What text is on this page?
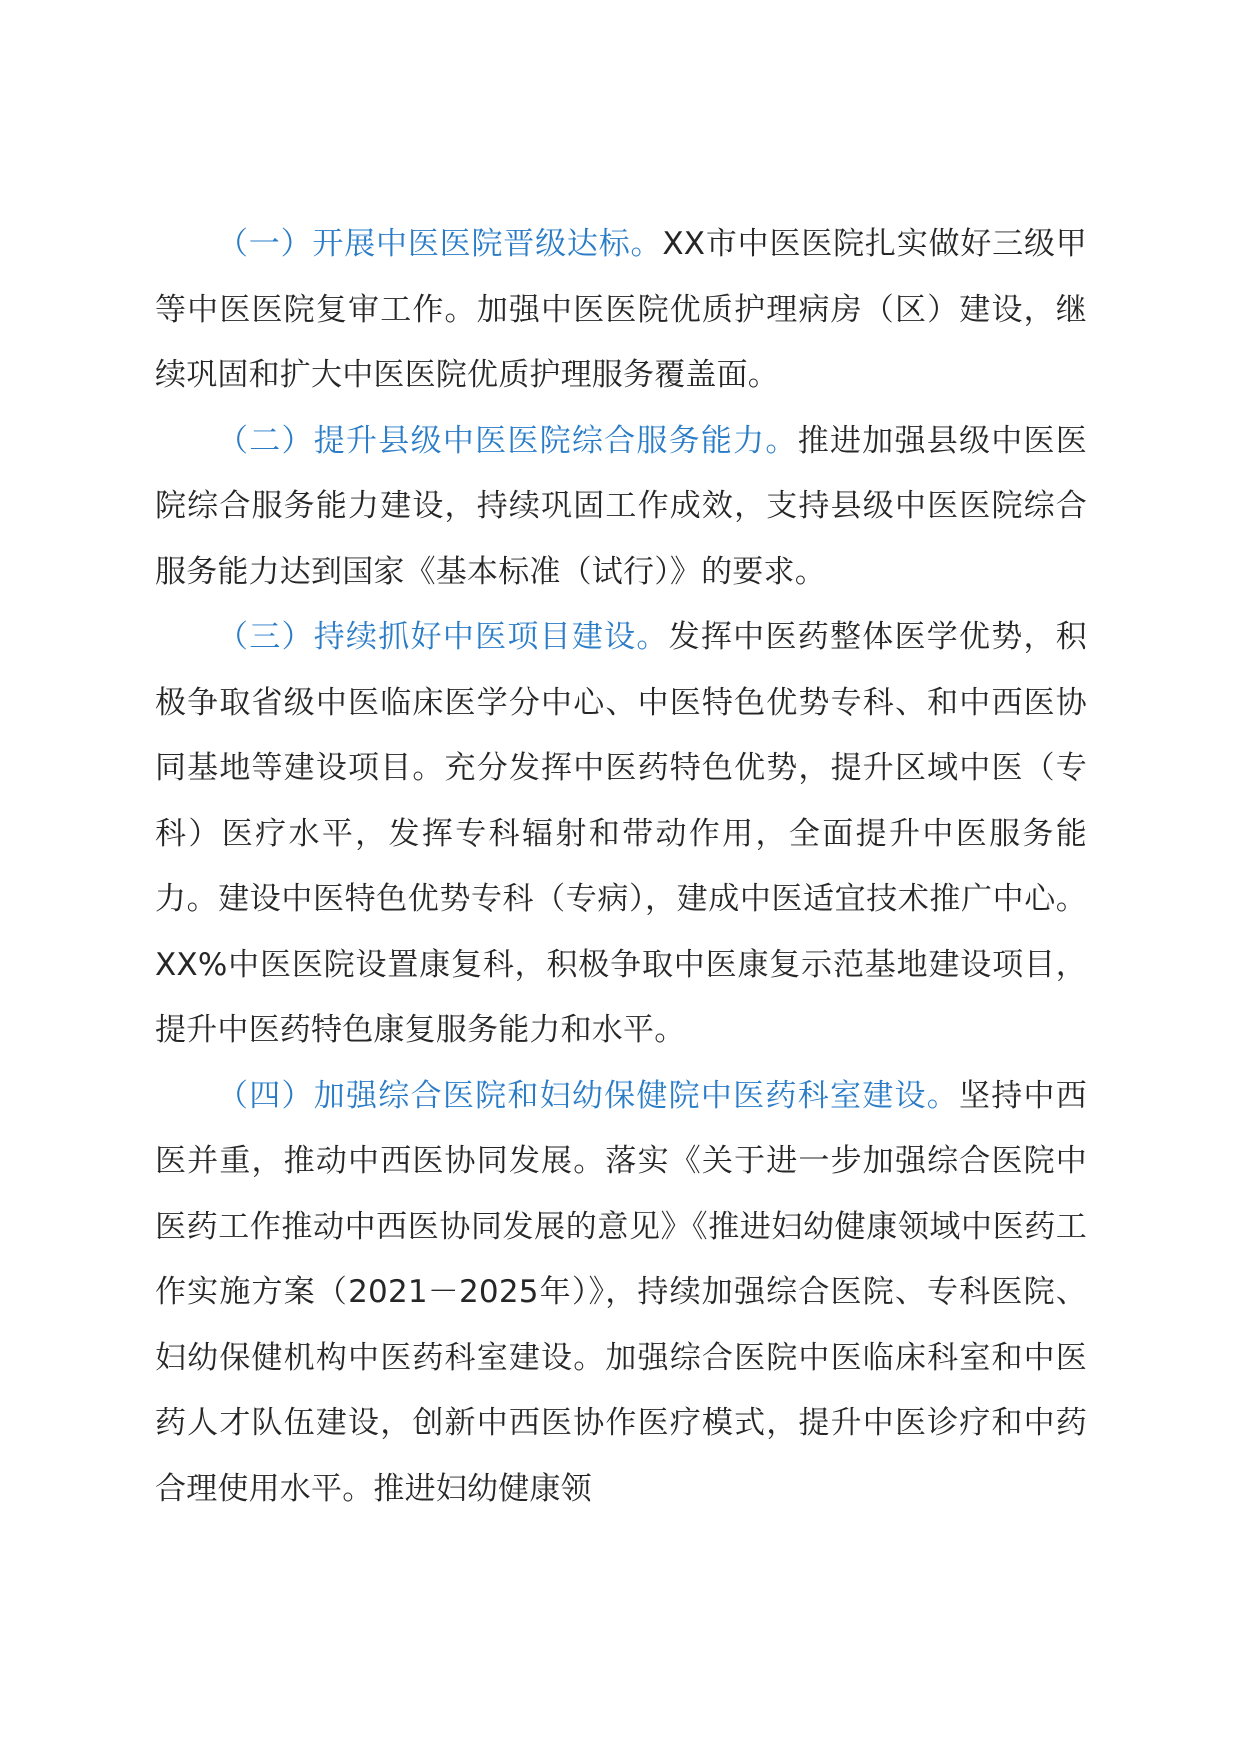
（一）开展中医医院晋级达标。XX市中医医院扎实做好三级甲等中医医院复审工作。加强中医医院优质护理病房（区）建设，继续巩固和扩大中医医院优质护理服务覆盖面。

（二）提升县级中医医院综合服务能力。推进加强县级中医医院综合服务能力建设，持续巩固工作成效，支持县级中医医院综合服务能力达到国家《基本标准（试行）》的要求。

（三）持续抓好中医项目建设。发挥中医药整体医学优势，积极争取省级中医临床医学分中心、中医特色优势专科、和中西医协同基地等建设项目。充分发挥中医药特色优势，提升区域中医（专科）医疗水平，发挥专科辐射和带动作用，全面提升中医服务能力。建设中医特色优势专科（专病），建成中医适宜技术推广中心。XX%中医医院设置康复科，积极争取中医康复示范基地建设项目，提升中医药特色康复服务能力和水平。

（四）加强综合医院和妇幼保健院中医药科室建设。坚持中西医并重，推动中西医协同发展。落实《关于进一步加强综合医院中医药工作推动中西医协同发展的意见》《推进妇幼健康领域中医药工作实施方案（2021－2025年）》，持续加强综合医院、专科医院、妇幼保健机构中医药科室建设。加强综合医院中医临床科室和中医药人才队伍建设，创新中西医协作医疗模式，提升中医诊疗和中药合理使用水平。推进妇幼健康领
